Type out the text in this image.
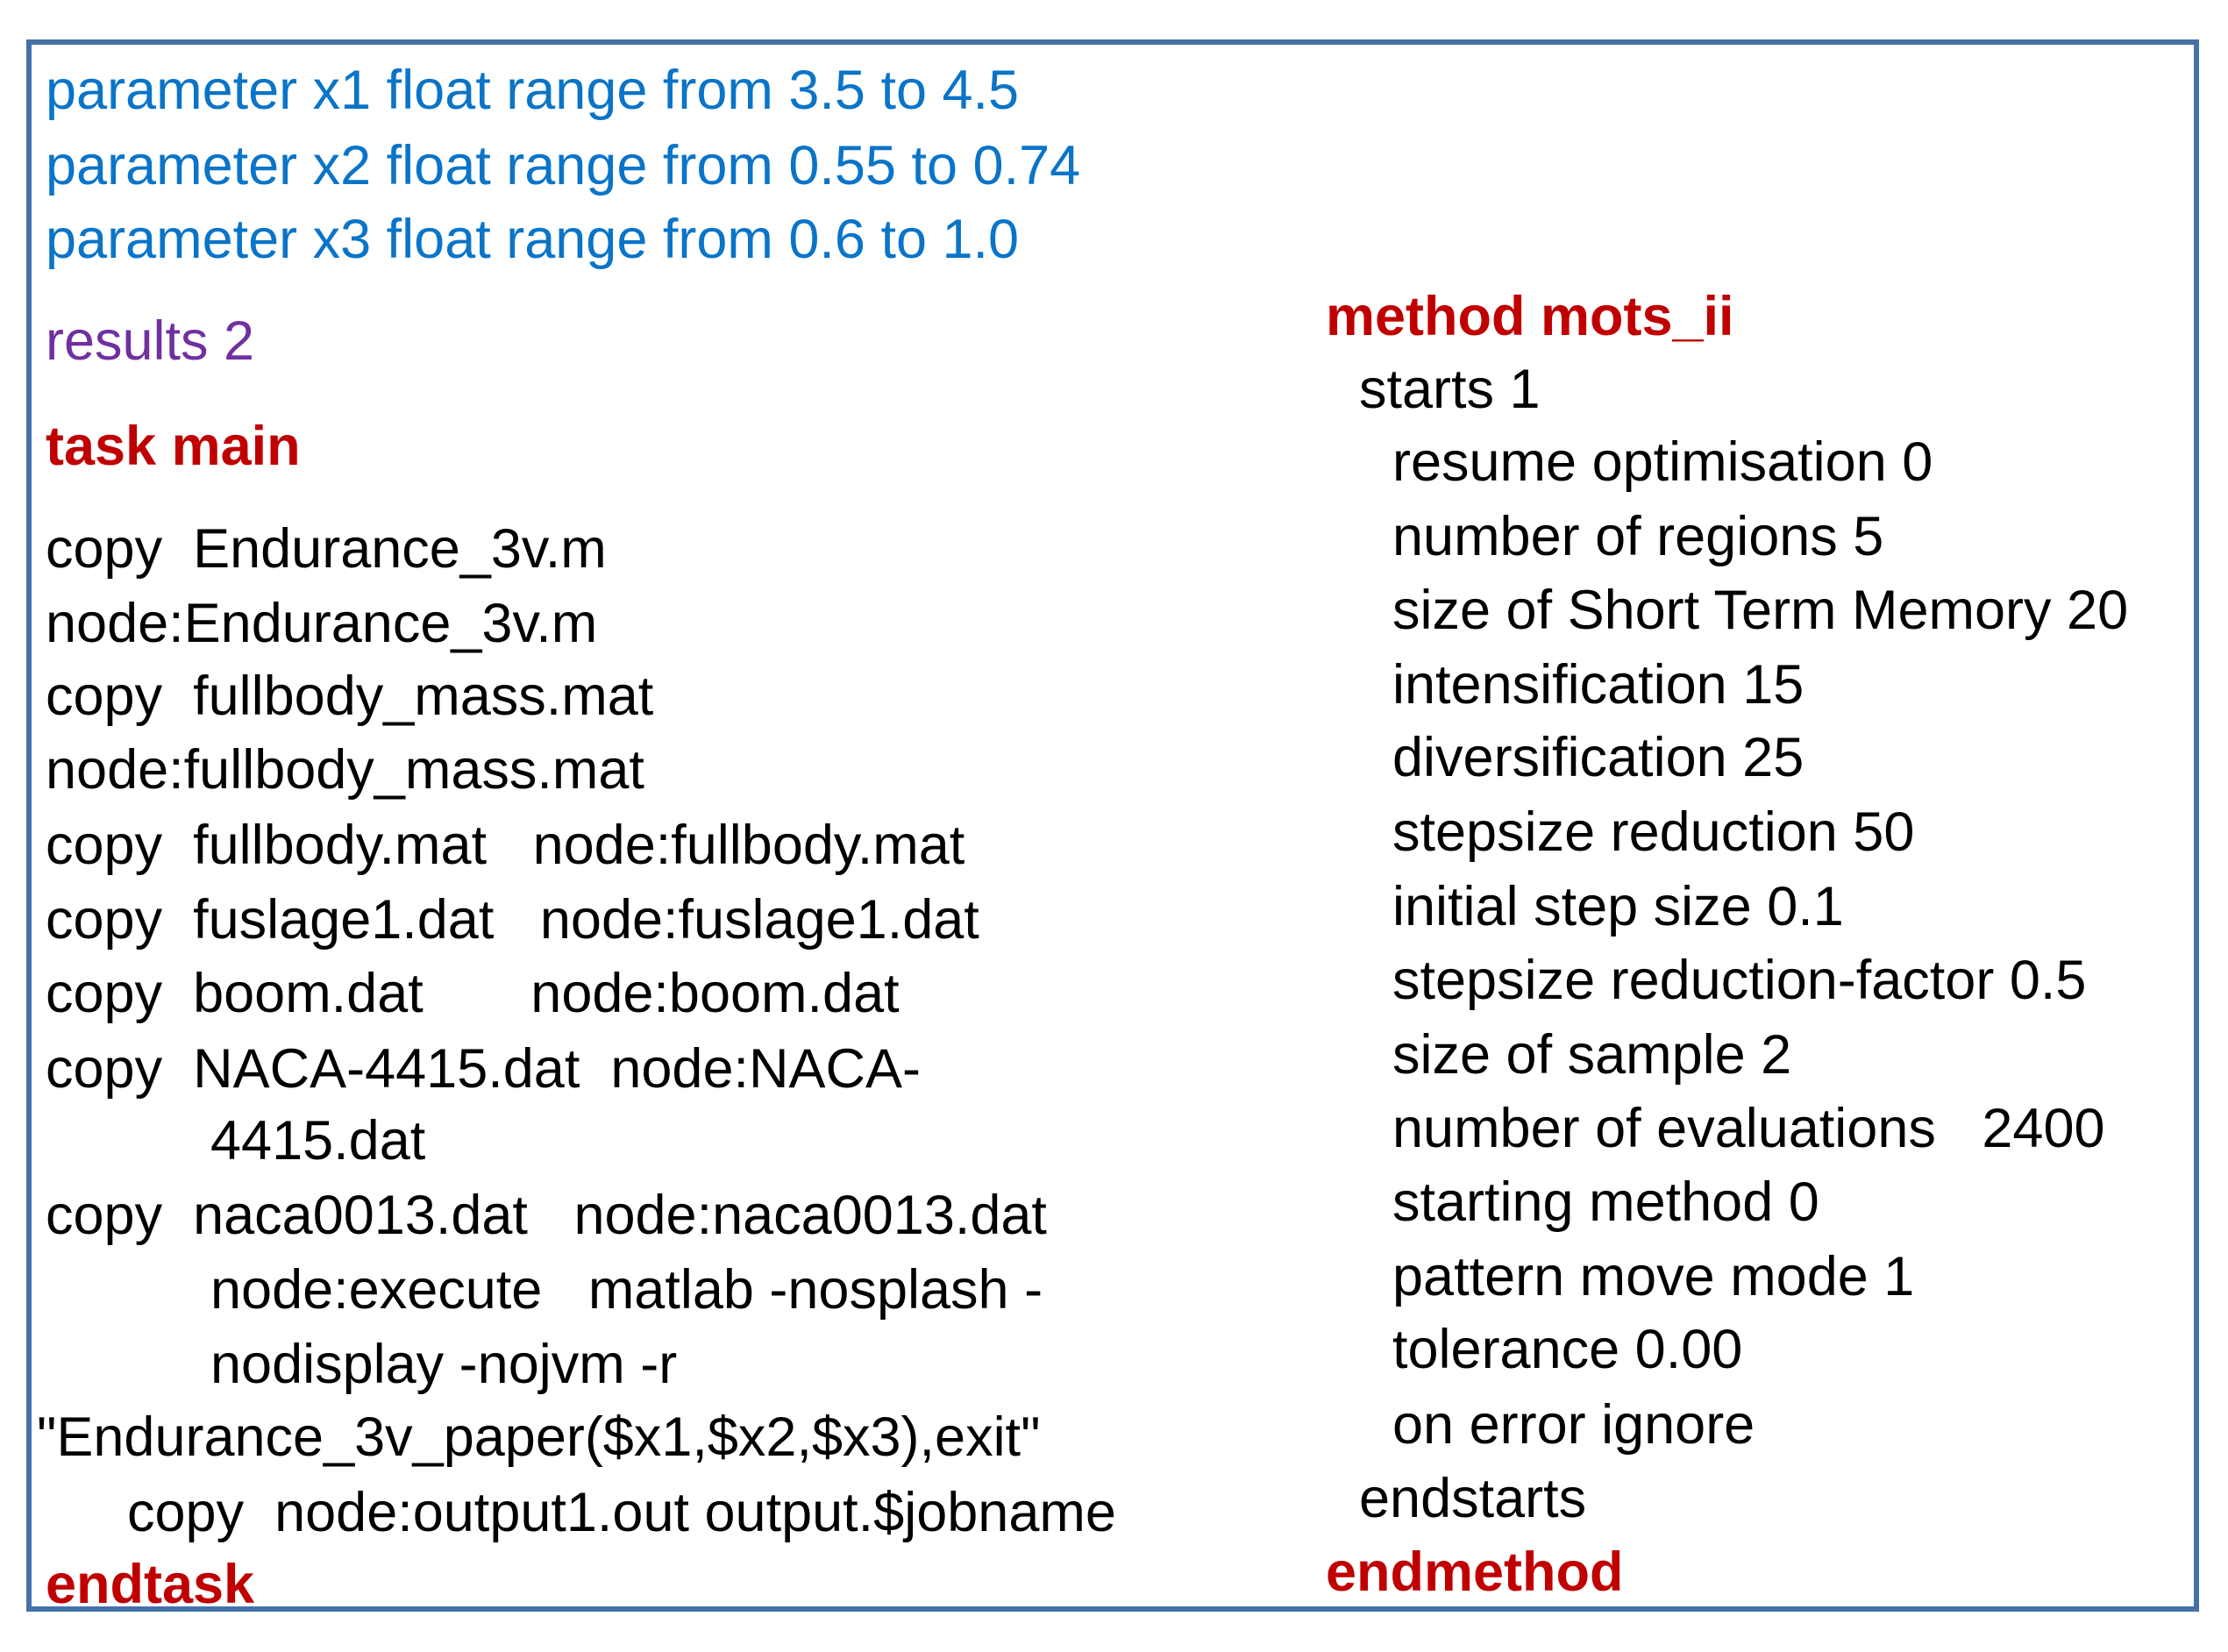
parameter x1 float range from 3.5 to 4.5
parameter x2 float range from 0.55 to 0.74
parameter x3 float range from 0.6 to 1.0
results 2
task main
copy  Endurance_3v.m
node:Endurance_3v.m
copy  fullbody_mass.mat
node:fullbody_mass.mat
copy  fullbody.mat   node:fullbody.mat
copy  fuslage1.dat   node:fuslage1.dat
copy  boom.dat       node:boom.dat
copy  NACA-4415.dat  node:NACA-
4415.dat
copy  naca0013.dat   node:naca0013.dat
node:execute   matlab -nosplash -
nodisplay -nojvm -r
"Endurance_3v_paper($x1,$x2,$x3),exit"
copy  node:output1.out output.$jobname
endtask
method mots_ii
starts 1
resume optimisation 0
number of regions 5
size of Short Term Memory 20
intensification 15
diversification 25
stepsize reduction 50
initial step size 0.1
stepsize reduction-factor 0.5
size of sample 2
number of evaluations   2400
starting method 0
pattern move mode 1
tolerance 0.00
on error ignore
endstarts
endmethod
